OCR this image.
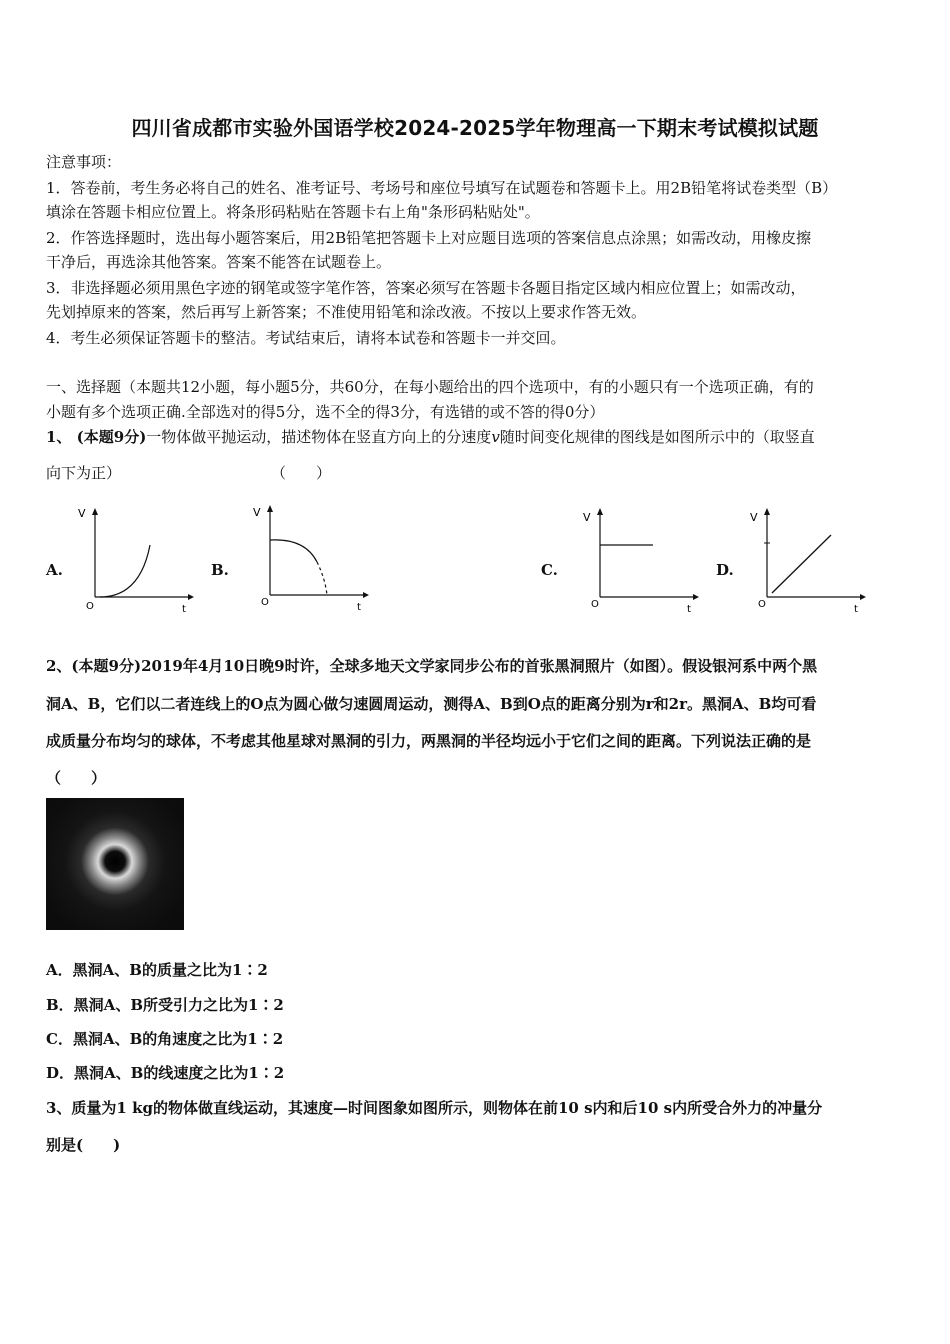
四川省成都市实验外国语学校2024-2025学年物理高一下期末考试模拟试题
注意事项：
1．答卷前，考生务必将自己的姓名、准考证号、考场号和座位号填写在试题卷和答题卡上。用2B铅笔将试卷类型（B）
填涂在答题卡相应位置上。将条形码粘贴在答题卡右上角"条形码粘贴处"。
2．作答选择题时，选出每小题答案后，用2B铅笔把答题卡上对应题目选项的答案信息点涂黑；如需改动，用橡皮擦
干净后，再选涂其他答案。答案不能答在试题卷上。
3．非选择题必须用黑色字迹的钢笔或签字笔作答，答案必须写在答题卡各题目指定区域内相应位置上；如需改动，
先划掉原来的答案，然后再写上新答案；不准使用铅笔和涂改液。不按以上要求作答无效。
4．考生必须保证答题卡的整洁。考试结束后，请将本试卷和答题卡一并交回。
一、选择题（本题共12小题，每小题5分，共60分，在每小题给出的四个选项中，有的小题只有一个选项正确，有的
小题有多个选项正确.全部选对的得5分，选不全的得3分，有选错的或不答的得0分）
1、 (本题9分)一物体做平抛运动，描述物体在竖直方向上的分速度v随时间变化规律的图线是如图所示中的（取竖直
向下为正）	（　　）
A.
V
O	t
B.
V
O	t
C.
V
O	t
D.
V
O	t
2、(本题9分)2019年4月10日晚9时许，全球多地天文学家同步公布的首张黑洞照片（如图）。假设银河系中两个黑
洞A、B，它们以二者连线上的O点为圆心做匀速圆周运动，测得A、B到O点的距离分别为r和2r。黑洞A、B均可看
成质量分布均匀的球体，不考虑其他星球对黑洞的引力，两黑洞的半径均远小于它们之间的距离。下列说法正确的是
（　　）
A．黑洞A、B的质量之比为1∶2
B．黑洞A、B所受引力之比为1∶2
C．黑洞A、B的角速度之比为1∶2
D．黑洞A、B的线速度之比为1∶2
3、质量为1 kg的物体做直线运动，其速度—时间图象如图所示，则物体在前10 s内和后10 s内所受合外力的冲量分
别是(　　)
